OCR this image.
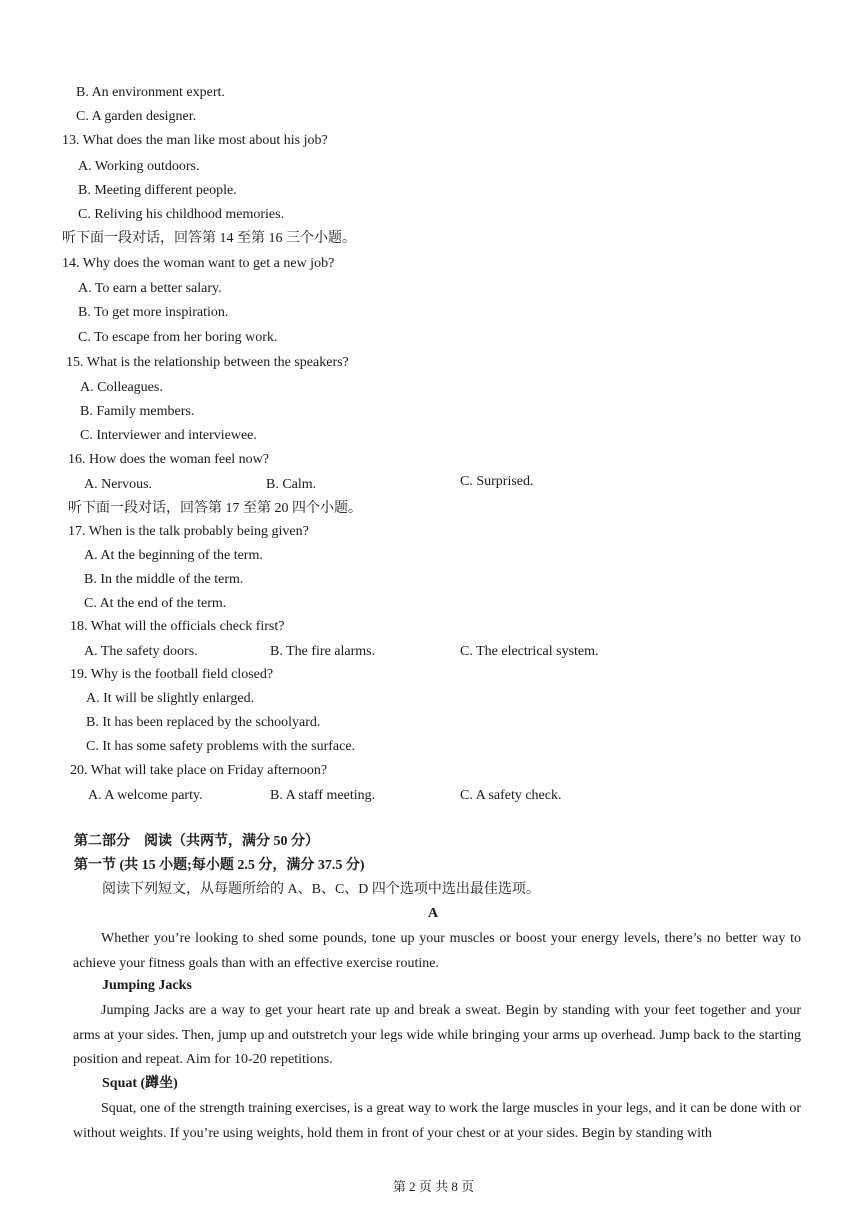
B. An environment expert.
C. A garden designer.
13. What does the man like most about his job?
A. Working outdoors.
B. Meeting different people.
C. Reliving his childhood memories.
听下面一段对话，回答第 14 至第 16 三个小题。
14. Why does the woman want to get a new job?
A. To earn a better salary.
B. To get more inspiration.
C. To escape from her boring work.
15. What is the relationship between the speakers?
A. Colleagues.
B. Family members.
C. Interviewer and interviewee.
16. How does the woman feel now?
A. Nervous.	B. Calm.	C. Surprised.
听下面一段对话，回答第 17 至第 20 四个小题。
17. When is the talk probably being given?
A. At the beginning of the term.
B. In the middle of the term.
C. At the end of the term.
18. What will the officials check first?
A. The safety doors.	B. The fire alarms.	C. The electrical system.
19. Why is the football field closed?
A. It will be slightly enlarged.
B. It has been replaced by the schoolyard.
C. It has some safety problems with the surface.
20. What will take place on Friday afternoon?
A. A welcome party.	B. A staff meeting.	C. A safety check.
第二部分　阅读（共两节，满分 50 分）
第一节 (共 15 小题;每小题 2.5 分，满分 37.5 分)
阅读下列短文，从每题所给的 A、B、C、D 四个选项中选出最佳选项。
A
Whether you’re looking to shed some pounds, tone up your muscles or boost your energy levels, there’s no better way to achieve your fitness goals than with an effective exercise routine.
Jumping Jacks
Jumping Jacks are a way to get your heart rate up and break a sweat. Begin by standing with your feet together and your arms at your sides. Then, jump up and outstretch your legs wide while bringing your arms up overhead. Jump back to the starting position and repeat. Aim for 10-20 repetitions.
Squat (蹲坐)
Squat, one of the strength training exercises, is a great way to work the large muscles in your legs, and it can be done with or without weights. If you’re using weights, hold them in front of your chest or at your sides. Begin by standing with
第 2 页 共 8 页
